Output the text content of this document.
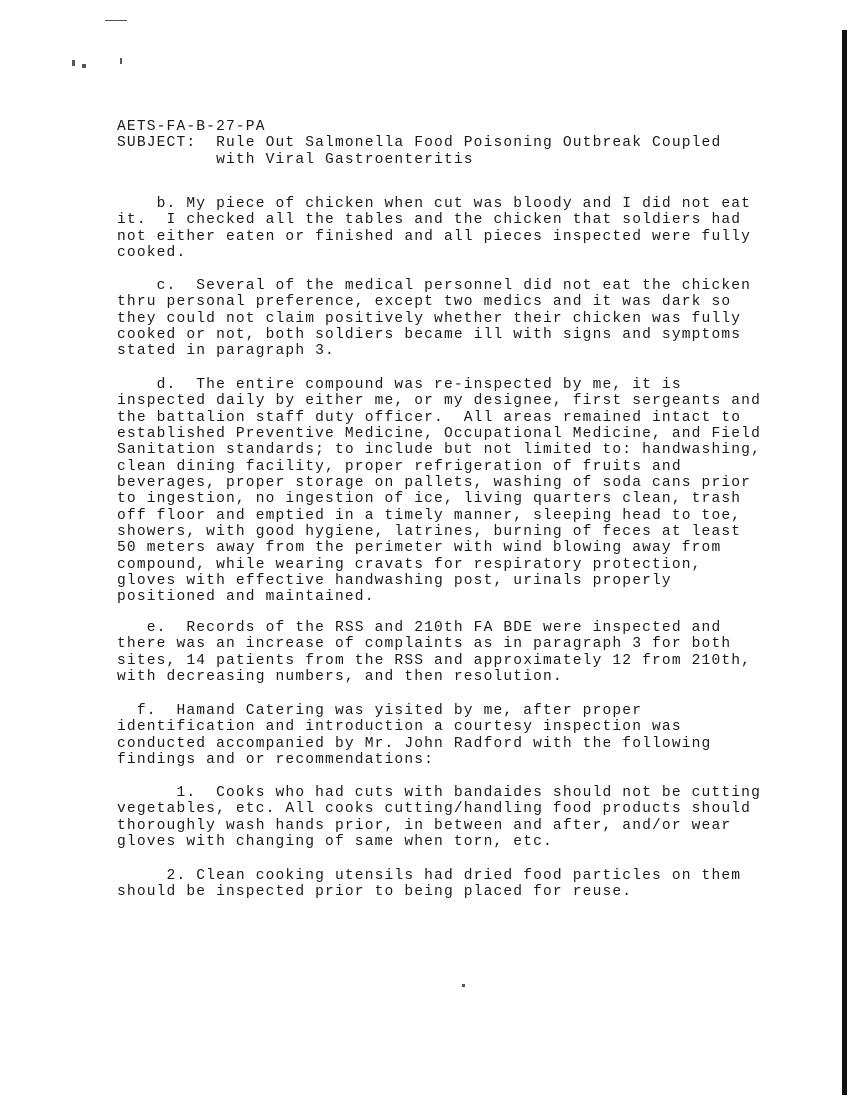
AETS-FA-B-27-PA
SUBJECT:  Rule Out Salmonella Food Poisoning Outbreak Coupled
with Viral Gastroenteritis
b. My piece of chicken when cut was bloody and I did not eat
it.  I checked all the tables and the chicken that soldiers had
not either eaten or finished and all pieces inspected were fully
cooked.
c.  Several of the medical personnel did not eat the chicken
thru personal preference, except two medics and it was dark so
they could not claim positively whether their chicken was fully
cooked or not, both soldiers became ill with signs and symptoms
stated in paragraph 3.
d.  The entire compound was re-inspected by me, it is
inspected daily by either me, or my designee, first sergeants and
the battalion staff duty officer.  All areas remained intact to
established Preventive Medicine, Occupational Medicine, and Field
Sanitation standards; to include but not limited to: handwashing,
clean dining facility, proper refrigeration of fruits and
beverages, proper storage on pallets, washing of soda cans prior
to ingestion, no ingestion of ice, living quarters clean, trash
off floor and emptied in a timely manner, sleeping head to toe,
showers, with good hygiene, latrines, burning of feces at least
50 meters away from the perimeter with wind blowing away from
compound, while wearing cravats for respiratory protection,
gloves with effective handwashing post, urinals properly
positioned and maintained.
e.  Records of the RSS and 210th FA BDE were inspected and
there was an increase of complaints as in paragraph 3 for both
sites, 14 patients from the RSS and approximately 12 from 210th,
with decreasing numbers, and then resolution.
f.  Hamand Catering was yisited by me, after proper
identification and introduction a courtesy inspection was
conducted accompanied by Mr. John Radford with the following
findings and or recommendations:
1.  Cooks who had cuts with bandaides should not be cutting
vegetables, etc. All cooks cutting/handling food products should
thoroughly wash hands prior, in between and after, and/or wear
gloves with changing of same when torn, etc.
2. Clean cooking utensils had dried food particles on them
should be inspected prior to being placed for reuse.
